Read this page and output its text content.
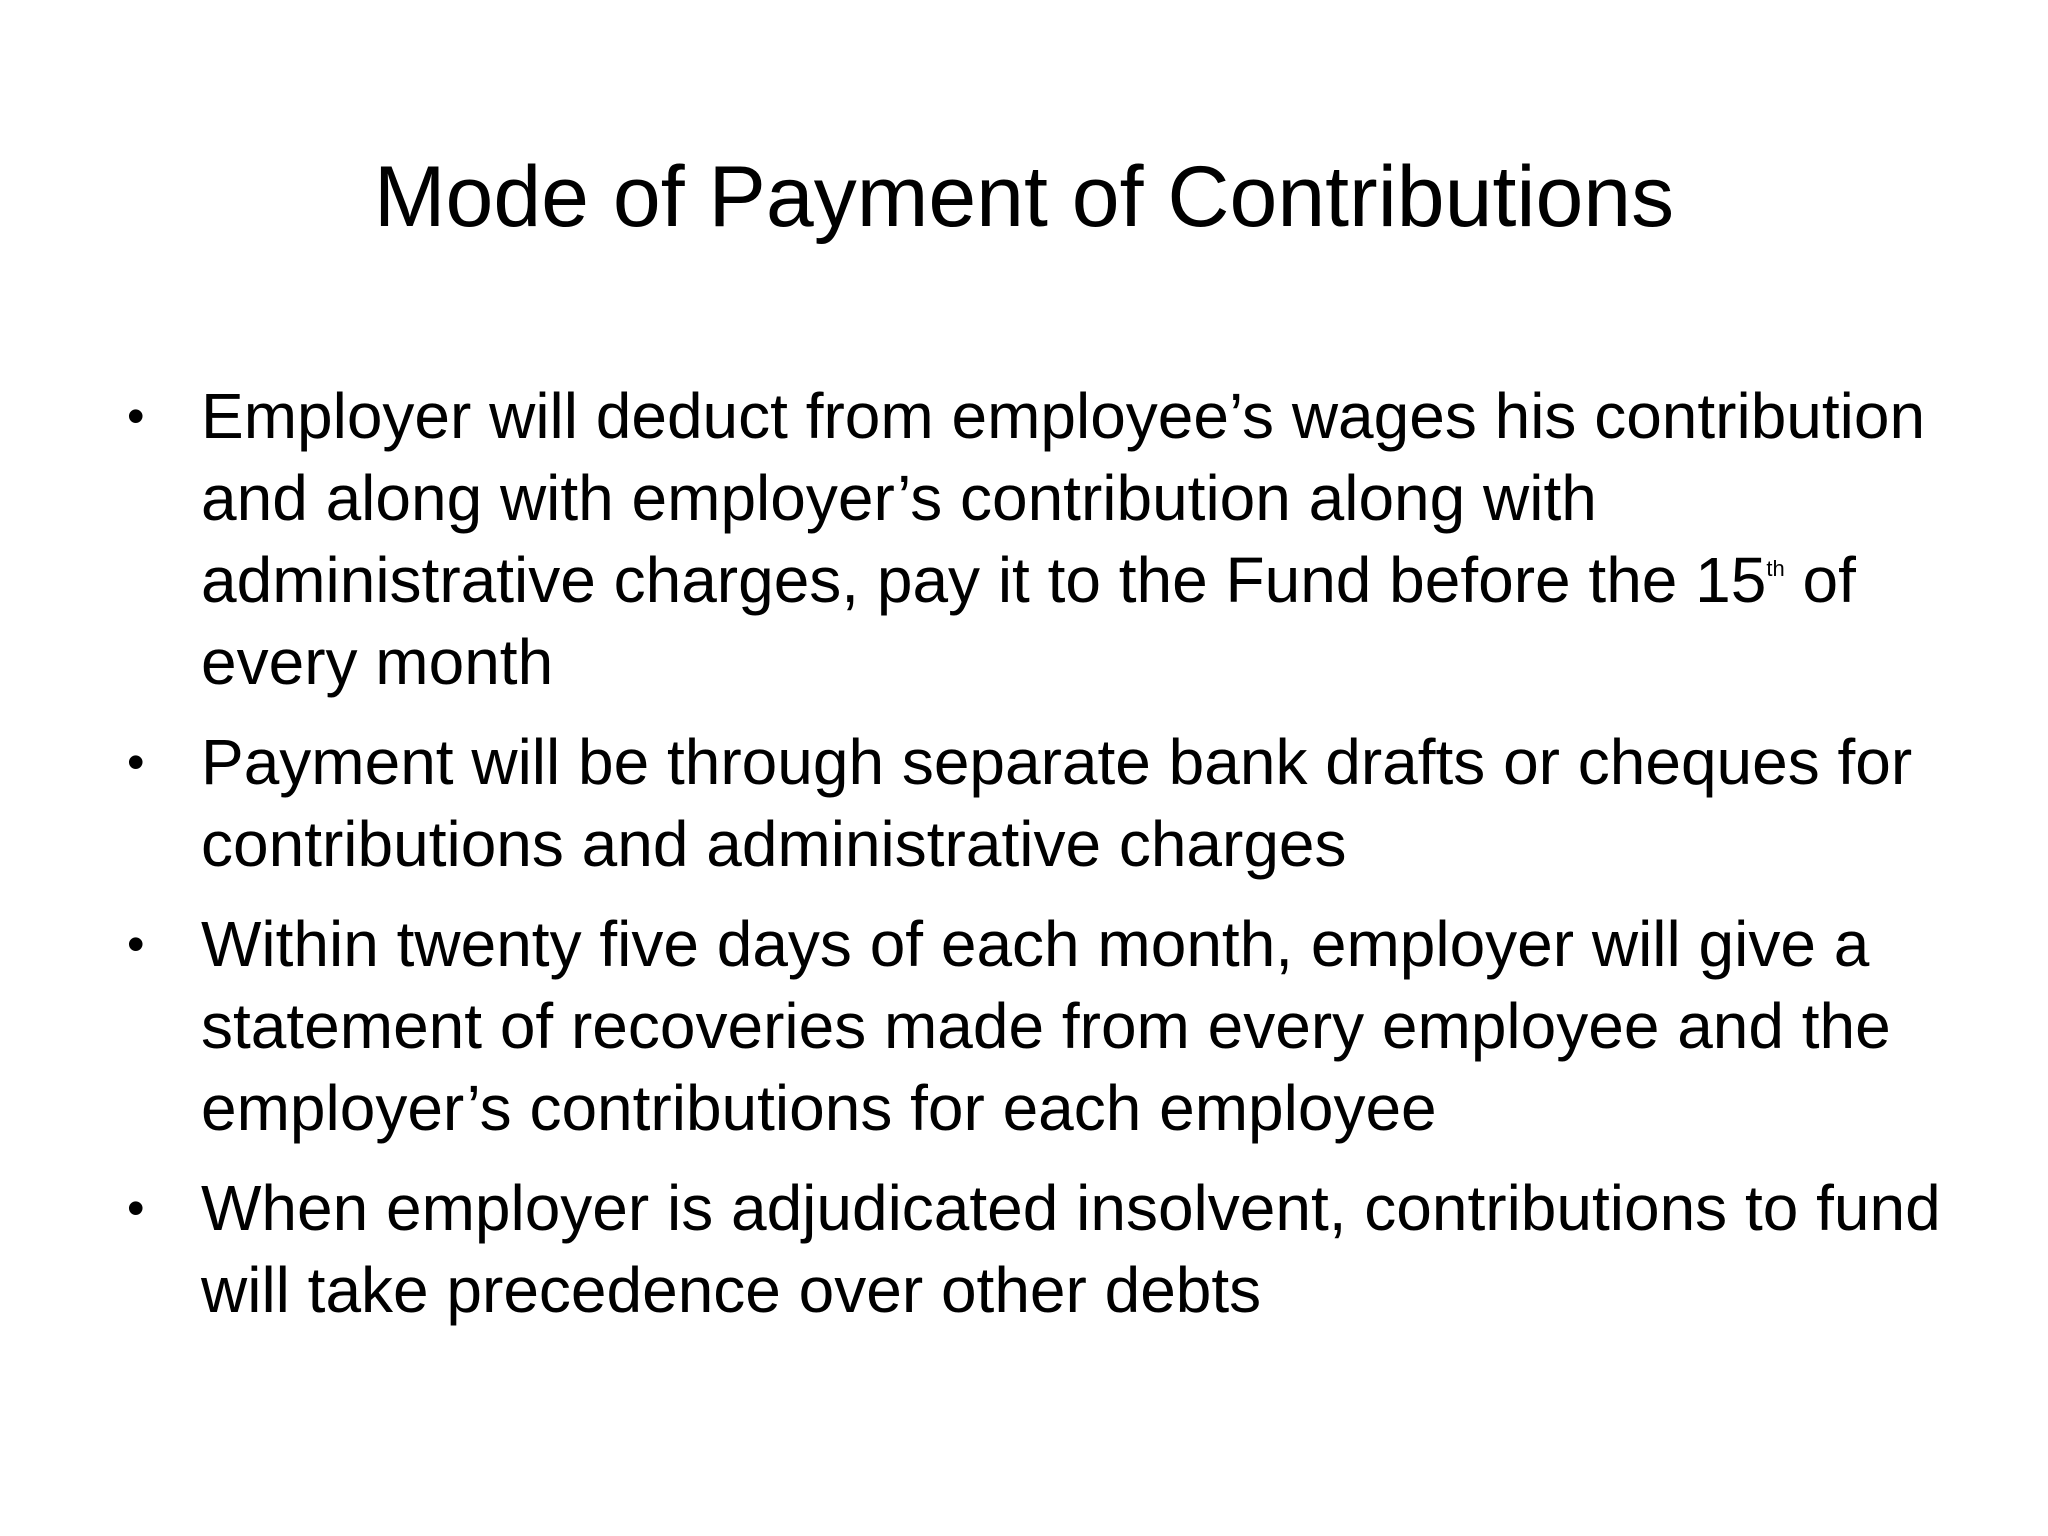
Mode of Payment of Contributions
• Employer will deduct from employee’s wages his contribution and along with employer’s contribution along with administrative charges, pay it to the Fund before the 15th of every month
• Payment will be through separate bank drafts or cheques for contributions and administrative charges
• Within twenty five days of each month, employer will give a statement of recoveries made from every employee and the employer’s contributions for each employee
• When employer is adjudicated insolvent, contributions to fund will take precedence over other debts
